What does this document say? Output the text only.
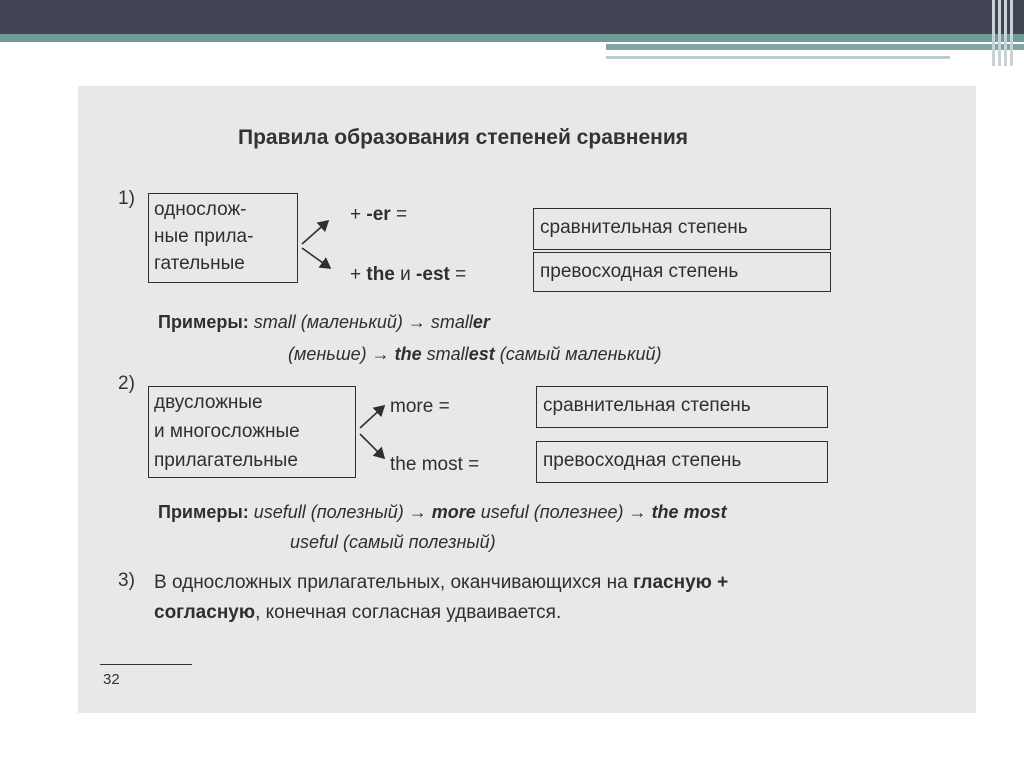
Правила образования степеней сравнения
1)
однослож-
ные прила-
гательные
+ -er =
+ the и -est =
сравнительная степень
превосходная степень
Примеры: small (маленький) → smaller
(меньше) → the smallest (самый маленький)
2)
двусложные
и многосложные
прилагательные
more =
the most =
сравнительная степень
превосходная степень
Примеры: usefull (полезный) → more useful (полезнее) → the most
useful (самый полезный)
3) В односложных прилагательных, оканчивающихся на гласную +
согласную, конечная согласная удваивается.
32
